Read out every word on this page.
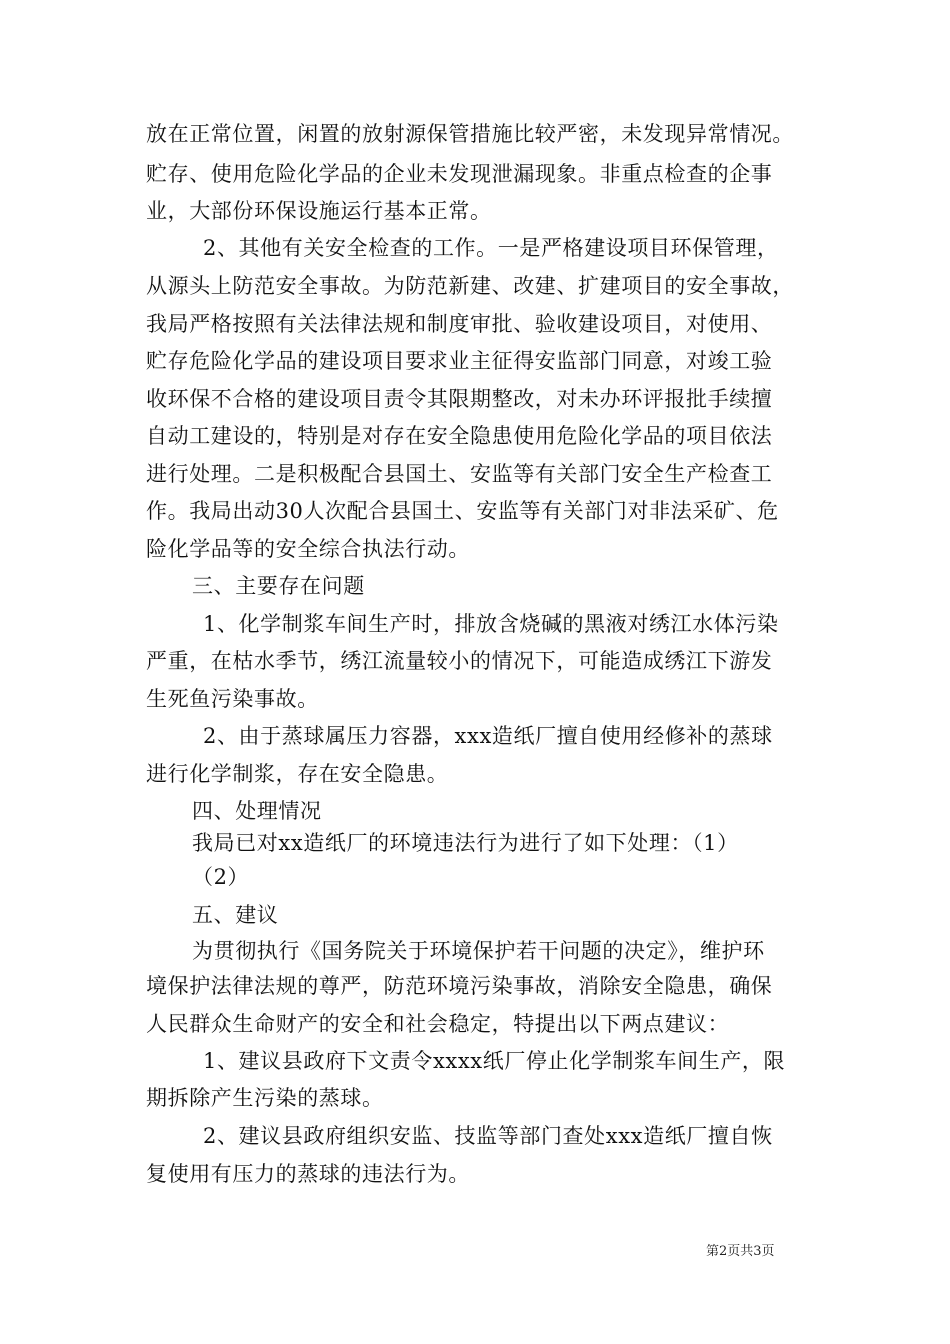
放在正常位置，闲置的放射源保管措施比较严密，未发现异常情况。
贮存、使用危险化学品的企业未发现泄漏现象。非重点检查的企事
业，大部份环保设施运行基本正常。
2、其他有关安全检查的工作。一是严格建设项目环保管理，
从源头上防范安全事故。为防范新建、改建、扩建项目的安全事故，
我局严格按照有关法律法规和制度审批、验收建设项目，对使用、
贮存危险化学品的建设项目要求业主征得安监部门同意，对竣工验
收环保不合格的建设项目责令其限期整改，对未办环评报批手续擅
自动工建设的，特别是对存在安全隐患使用危险化学品的项目依法
进行处理。二是积极配合县国土、安监等有关部门安全生产检查工
作。我局出动30人次配合县国土、安监等有关部门对非法采矿、危
险化学品等的安全综合执法行动。
三、主要存在问题
1、化学制浆车间生产时，排放含烧碱的黑液对绣江水体污染
严重，在枯水季节，绣江流量较小的情况下，可能造成绣江下游发
生死鱼污染事故。
2、由于蒸球属压力容器，xxx造纸厂擅自使用经修补的蒸球
进行化学制浆，存在安全隐患。
四、处理情况
我局已对xx造纸厂的环境违法行为进行了如下处理：（1）
（2）
五、建议
为贯彻执行《国务院关于环境保护若干问题的决定》，维护环
境保护法律法规的尊严，防范环境污染事故，消除安全隐患，确保
人民群众生命财产的安全和社会稳定，特提出以下两点建议：
1、建议县政府下文责令xxxx纸厂停止化学制浆车间生产，限
期拆除产生污染的蒸球。
2、建议县政府组织安监、技监等部门查处xxx造纸厂擅自恢
复使用有压力的蒸球的违法行为。
第2页共3页
